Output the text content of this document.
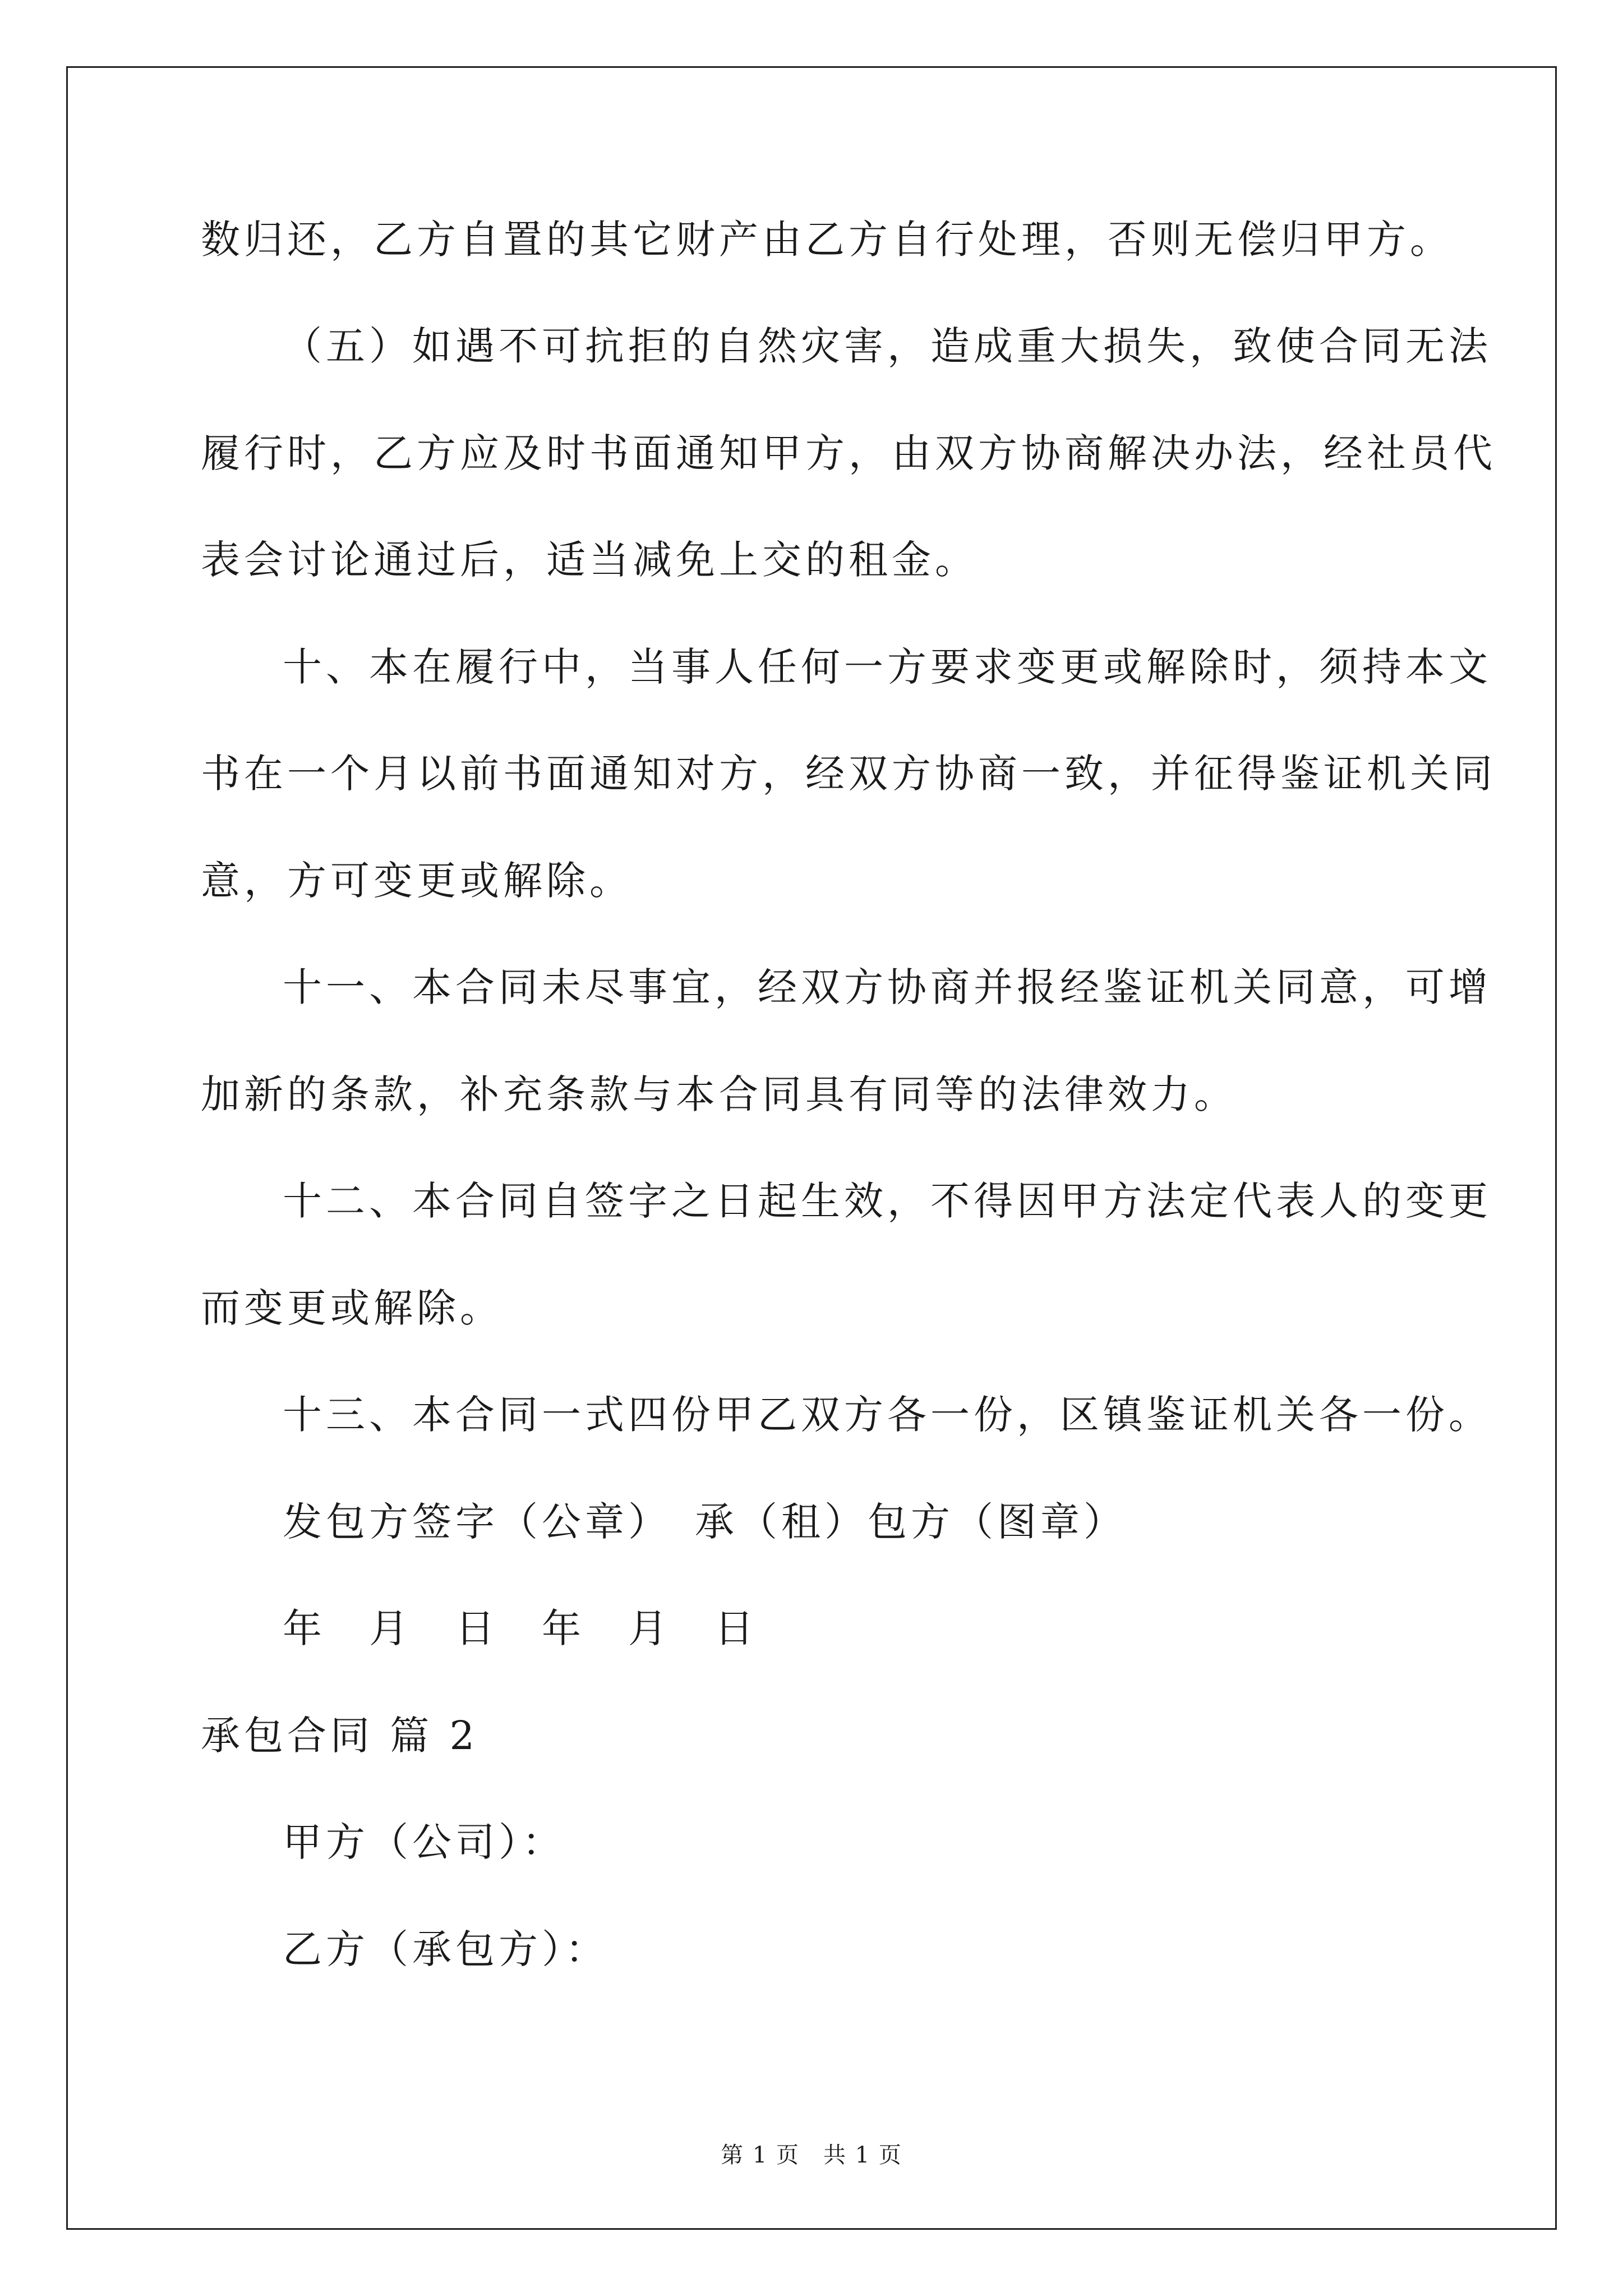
数归还，乙方自置的其它财产由乙方自行处理，否则无偿归甲方。
（五）如遇不可抗拒的自然灾害，造成重大损失，致使合同无法
履行时，乙方应及时书面通知甲方，由双方协商解决办法，经社员代
表会讨论通过后，适当减免上交的租金。
十、本在履行中，当事人任何一方要求变更或解除时，须持本文
书在一个月以前书面通知对方，经双方协商一致，并征得鉴证机关同
意，方可变更或解除。
十一、本合同未尽事宜，经双方协商并报经鉴证机关同意，可增
加新的条款，补充条款与本合同具有同等的法律效力。
十二、本合同自签字之日起生效，不得因甲方法定代表人的变更
而变更或解除。
十三、本合同一式四份甲乙双方各一份，区镇鉴证机关各一份。
发包方签字（公章）　承（租）包方（图章）
年　月　日　年　月　日
承包合同 篇 2
甲方（公司）：
乙方（承包方）：
第 1 页　共 1 页
